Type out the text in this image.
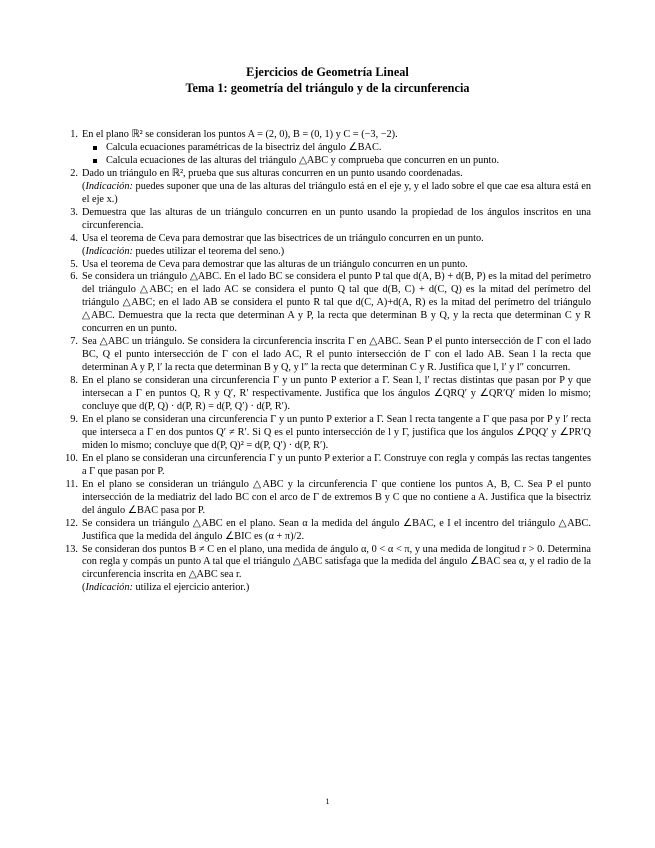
Ejercicios de Geometría Lineal
Tema 1: geometría del triángulo y de la circunferencia
1. En el plano ℝ² se consideran los puntos A = (2, 0), B = (0, 1) y C = (−3, −2).
Calcula ecuaciones paramétricas de la bisectriz del ángulo ∠BAC.
Calcula ecuaciones de las alturas del triángulo △ABC y comprueba que concurren en un punto.
2. Dado un triángulo en ℝ², prueba que sus alturas concurren en un punto usando coordenadas.
(Indicación: puedes suponer que una de las alturas del triángulo está en el eje y, y el lado sobre el que cae esa altura está en el eje x.)
3. Demuestra que las alturas de un triángulo concurren en un punto usando la propiedad de los ángulos inscritos en una circunferencia.
4. Usa el teorema de Ceva para demostrar que las bisectrices de un triángulo concurren en un punto.
(Indicación: puedes utilizar el teorema del seno.)
5. Usa el teorema de Ceva para demostrar que las alturas de un triángulo concurren en un punto.
6. Se considera un triángulo △ABC. En el lado BC se considera el punto P tal que d(A, B) + d(B, P) es la mitad del perímetro del triángulo △ABC; en el lado AC se considera el punto Q tal que d(B, C) + d(C, Q) es la mitad del perímetro del triángulo △ABC; en el lado AB se considera el punto R tal que d(C, A)+d(A, R) es la mitad del perímetro del triángulo △ABC. Demuestra que la recta que determinan A y P, la recta que determinan B y Q, y la recta que determinan C y R concurren en un punto.
7. Sea △ABC un triángulo. Se considera la circunferencia inscrita Γ en △ABC. Sean P el punto intersección de Γ con el lado BC, Q el punto intersección de Γ con el lado AC, R el punto intersección de Γ con el lado AB. Sean l la recta que determinan A y P, l′ la recta que determinan B y Q, y l″ la recta que determinan C y R. Justifica que l, l′ y l″ concurren.
8. En el plano se consideran una circunferencia Γ y un punto P exterior a Γ. Sean l, l′ rectas distintas que pasan por P y que intersecan a Γ en puntos Q, R y Q′, R′ respectivamente. Justifica que los ángulos ∠QRQ′ y ∠QR′Q′ miden lo mismo; concluye que d(P, Q) · d(P, R) = d(P, Q′) · d(P, R′).
9. En el plano se consideran una circunferencia Γ y un punto P exterior a Γ. Sean l recta tangente a Γ que pasa por P y l′ recta que interseca a Γ en dos puntos Q′ ≠ R′. Si Q es el punto intersección de l y Γ, justifica que los ángulos ∠PQQ′ y ∠PR′Q miden lo mismo; concluye que d(P, Q)² = d(P, Q′) · d(P, R′).
10. En el plano se consideran una circunferencia Γ y un punto P exterior a Γ. Construye con regla y compás las rectas tangentes a Γ que pasan por P.
11. En el plano se consideran un triángulo △ABC y la circunferencia Γ que contiene los puntos A, B, C. Sea P el punto intersección de la mediatriz del lado BC con el arco de Γ de extremos B y C que no contiene a A. Justifica que la bisectriz del ángulo ∠BAC pasa por P.
12. Se considera un triángulo △ABC en el plano. Sean α la medida del ángulo ∠BAC, e I el incentro del triángulo △ABC. Justifica que la medida del ángulo ∠BIC es (α + π)/2.
13. Se consideran dos puntos B ≠ C en el plano, una medida de ángulo α, 0 < α < π, y una medida de longitud r > 0. Determina con regla y compás un punto A tal que el triángulo △ABC satisfaga que la medida del ángulo ∠BAC sea α, y el radio de la circunferencia inscrita en △ABC sea r.
(Indicación: utiliza el ejercicio anterior.)
1
